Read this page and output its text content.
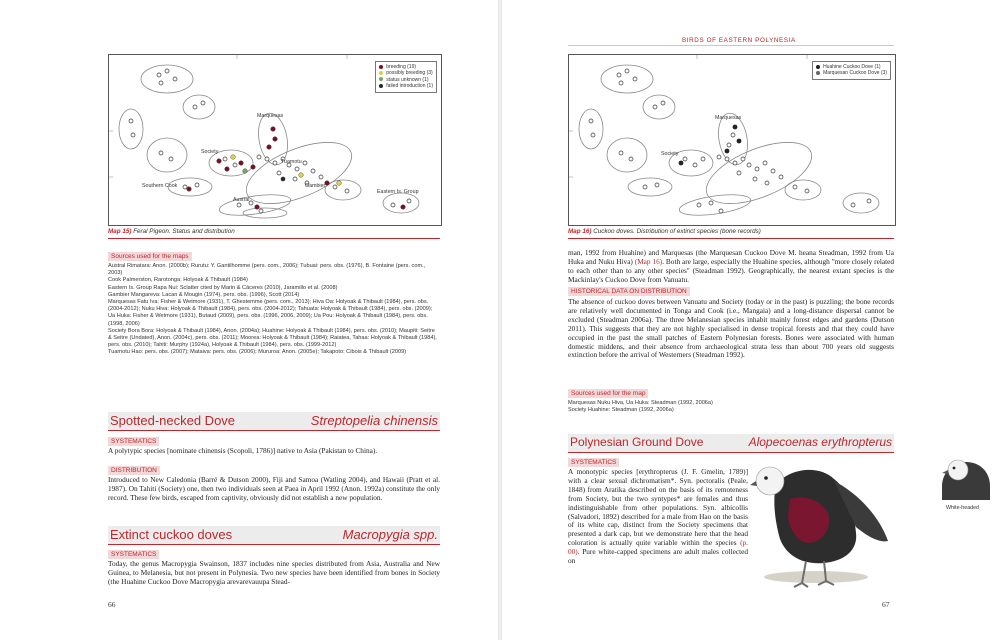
breeding (19)
possibly breeding (3)
status unknown (1)
failed introduction (1)
Marquesas
Society
Tuamotu
Gambier
Southern Cook
Austral
Eastern Is. Group
Map 15) Feral Pigeon. Status and distribution
Sources used for the maps

Austral Rimatara: Anon. (2000b); Rurutu: Y. Gantilhomme (pers. com., 2006); Tubuai: pers. obs. (1976), B. Fontaine (pers. com., 2003)

Cook Palmerston, Rarotonga: Holyoak & Thibault (1984)

Eastern Is. Group Rapa Nui: Sclatter cited by Marin & Cáceres (2010), Jaramillo et al. (2008)

Gambier Mangareva: Lacan & Mougin (1974), pers. obs. (1996), Scott (2014)

Marquesas Fatu Iva: Fisher & Wetmore (1931), T. Ghestemme (pers. com., 2013); Hiva Oa: Holyoak & Thibault (1984), pers. obs. (2004-2012); Nuku Hiva: Holyoak & Thibault (1984), pers. obs. (2004-2012); Tahuata: Holyoak & Thibault (1984), pers. obs. (2009); Ua Huka: Fisher & Wetmore (1931), Butaud (2009), pers. obs. (1996, 2006, 2009); Ua Pou: Holyoak & Thibault (1984), pers. obs. (1998, 2006)

Society Bora Bora: Holyoak & Thibault (1984), Anon. (2004a); Huahine: Holyoak & Thibault (1984), pers. obs. (2010); Maupiti: Seitre & Seitre (Undated), Anon. (2004c), pers. obs. (2011); Moorea: Holyoak & Thibault (1984); Raiatea, Tahaa: Holyoak & Thibault (1984), pers. obs. (2010); Tahiti: Murphy (1924a), Holyoak & Thibault (1984), pers. obs. (1999-2012)

Tuamotu Hao: pers. obs. (2007); Mataiva: pers. obs. (2006); Mururoa: Anon. (2005e); Takapoto: Cibois & Thibault (2009)

Spotted-necked Dove	Streptopelia chinensis
SYSTEMATICS
A polytypic species [nominate chinensis (Scopoli, 1786)] native to Asia (Pakistan to China).
DISTRIBUTION
Introduced to New Caledonia (Barré & Dutson 2000), Fiji and Samoa (Watling 2004), and Hawaii (Pratt et al. 1987). On Tahiti (Society) one, then two individuals seen at Paea in April 1992 (Anon. 1992a) constitute the only record. These few birds, escaped from captivity, obviously did not establish a new population.
Extinct cuckoo doves	Macropygia spp.
SYSTEMATICS
Today, the genus Macropygia Swainson, 1837 includes nine species distributed from Asia, Australia and New Guinea, to Melanesia, but not present in Polynesia. Two new species have been identified from bones in Society (the Huahine Cuckoo Dove Macropygia arevarevauupa Stead-
66
BIRDS OF EASTERN POLYNESIA
Huahine Cuckoo Dove (1)
Marquesan Cuckoo Dove (3)
Marquesas
Society
Map 16) Cuckoo doves. Distribution of extinct species (bone records)

man, 1992 from Huahine) and Marquesas (the Marquesan Cuckoo Dove M. heana Steadman, 1992 from Ua Huka and Nuku Hiva) (Map 16). Both are large, especially the Huahine species, although "more closely related to each other than to any other species" (Steadman 1992). Geographically, the nearest extant species is the Mackinlay's Cuckoo Dove from Vanuatu.

HISTORICAL DATA ON DISTRIBUTION
The absence of cuckoo doves between Vanuatu and Society (today or in the past) is puzzling; the bone records are relatively well documented in Tonga and Cook (i.e., Mangaia) and a long-distance dispersal cannot be excluded (Steadman 2006a). The three Melanesian species inhabit mainly forest edges and gardens (Dutson 2011). This suggests that they are not highly specialised in dense tropical forests and that they could have occupied in the past the small patches of Eastern Polynesian forests. Bones were associated with human domestic middens, and their absence from archaeological strata less than about 700 years old suggests extinction before the arrival of Westerners (Steadman 1992).
Sources used for the map

Marquesas Nuku Hiva, Ua Huka: Steadman (1992, 2006a)

Society Huahine: Steadman (1992, 2006a)

Polynesian Ground Dove	Alopecoenas erythropterus
SYSTEMATICS

A monotypic species [erythropterus (J. F. Gmelin, 1789)] with a clear sexual dichromatism*. Syn. pectoralis (Peale, 1848) from Aratika described on the basis of its remoteness from Society, but the two syntypes* are females and thus indistinguishable from other populations. Syn. albicollis (Salvadori, 1892) described for a male from Hao on the basis of its white cap, distinct from the Society specimens that presented a dark cap, but we demonstrate here that the head coloration is actually quite variable within the species (p. 00). Pure white-capped specimens are adult males collected on

White-headed
67
